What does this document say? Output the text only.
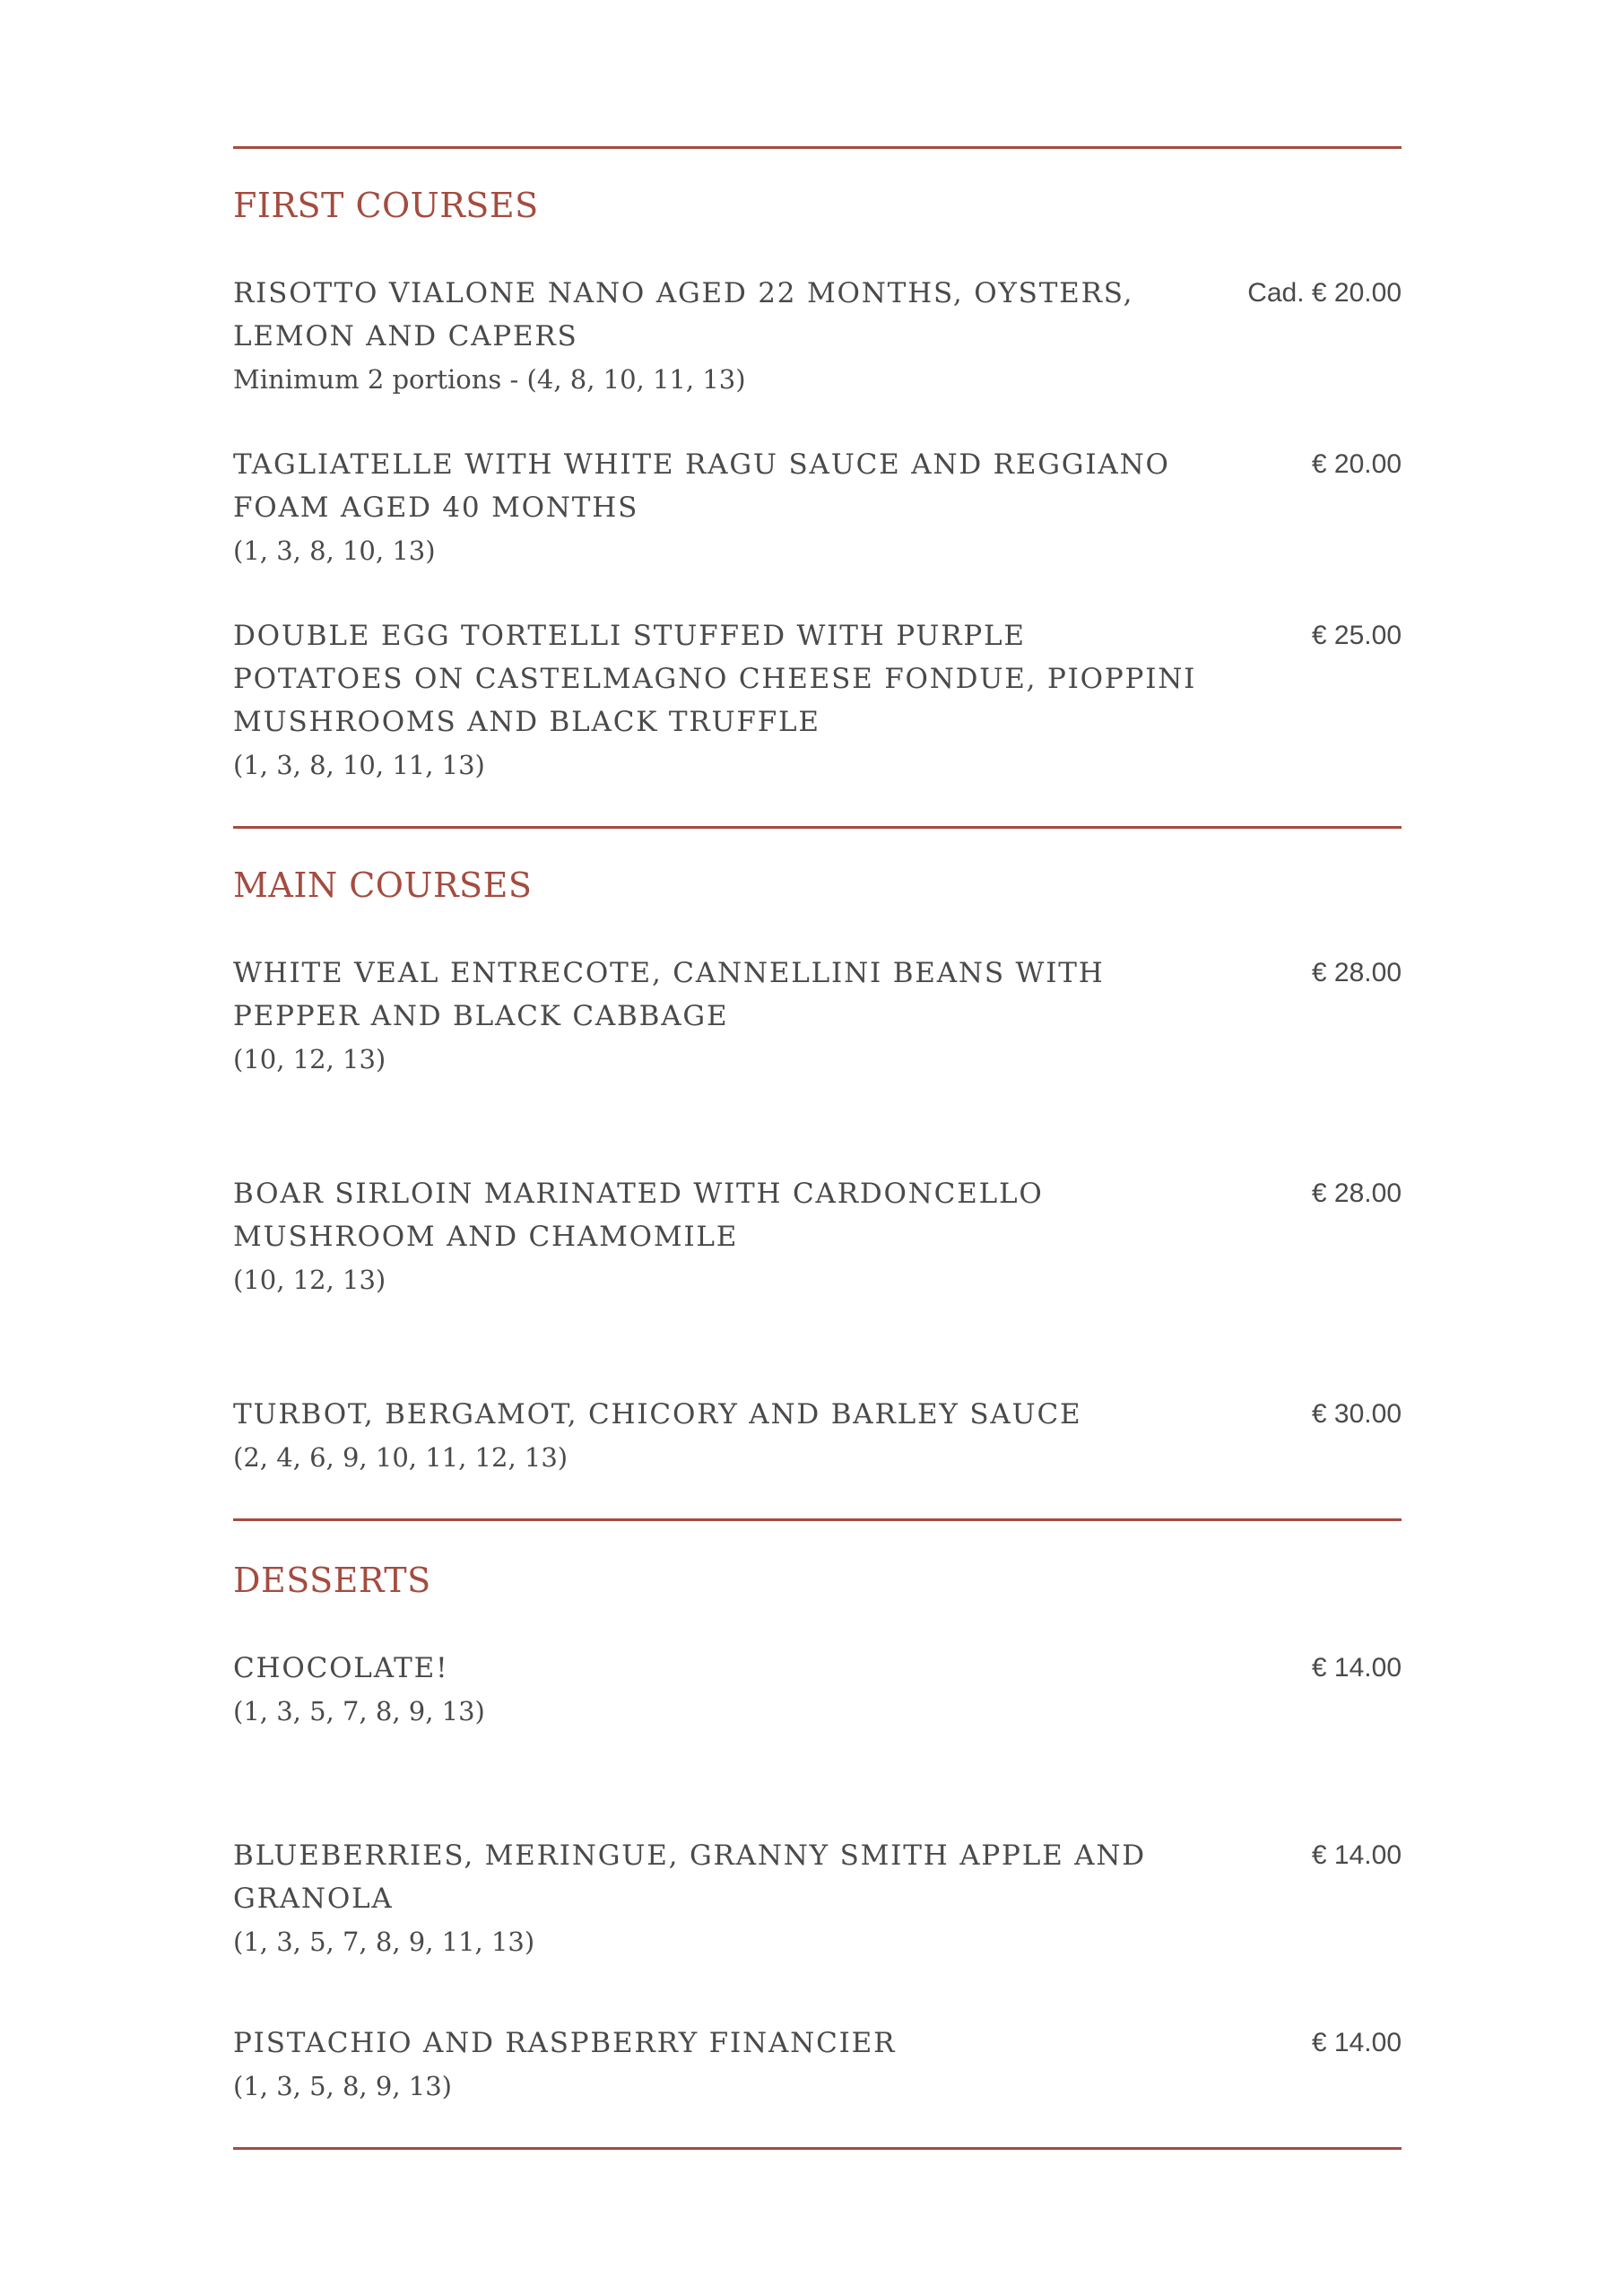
FIRST COURSES
RISOTTO VIALONE NANO AGED 22 MONTHS, OYSTERS, LEMON AND CAPERS
Minimum 2 portions - (4, 8, 10, 11, 13)
Cad. € 20.00
TAGLIATELLE WITH WHITE RAGU SAUCE AND REGGIANO FOAM AGED 40 MONTHS
(1, 3, 8, 10, 13)
€ 20.00
DOUBLE EGG TORTELLI STUFFED WITH PURPLE POTATOES ON CASTELMAGNO CHEESE FONDUE, PIOPPINI MUSHROOMS AND BLACK TRUFFLE
(1, 3, 8, 10, 11, 13)
€ 25.00
MAIN COURSES
WHITE VEAL ENTRECOTE, CANNELLINI BEANS WITH PEPPER AND BLACK CABBAGE
(10, 12, 13)
€ 28.00
BOAR SIRLOIN MARINATED WITH CARDONCELLO MUSHROOM AND CHAMOMILE
(10, 12, 13)
€ 28.00
TURBOT, BERGAMOT, CHICORY AND BARLEY SAUCE
(2, 4, 6, 9, 10, 11, 12, 13)
€ 30.00
DESSERTS
CHOCOLATE!
(1, 3, 5, 7, 8, 9, 13)
€ 14.00
BLUEBERRIES, MERINGUE, GRANNY SMITH APPLE AND GRANOLA
(1, 3, 5, 7, 8, 9, 11, 13)
€ 14.00
PISTACHIO AND RASPBERRY FINANCIER
(1, 3, 5, 8, 9, 13)
€ 14.00
